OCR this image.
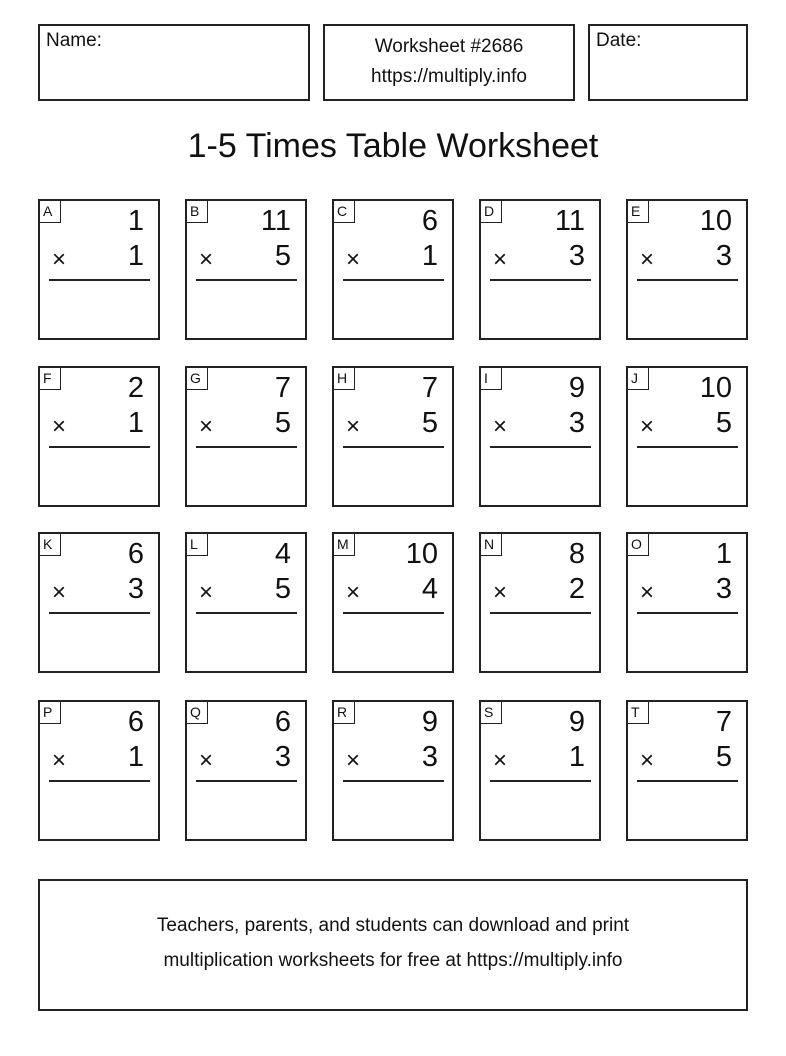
Name:	Worksheet #2686
https://multiply.info
Date:
1-5 Times Table Worksheet
A	1
× 1
B 11
× 5
C	6
× 1
D 11
× 3
E 10
× 3
F	2
× 1
G	7
× 5
H	7
× 5
I	9
× 3
J	10
× 5
K	6
× 3
L	4
× 5
M 10
× 4
N	8
× 2
O	1
× 3
P	6
× 1
Q	6
× 3
R	9
× 3
S	9
× 1
T	7
× 5
Teachers, parents, and students can download and print
multiplication worksheets for free at https://multiply.info
